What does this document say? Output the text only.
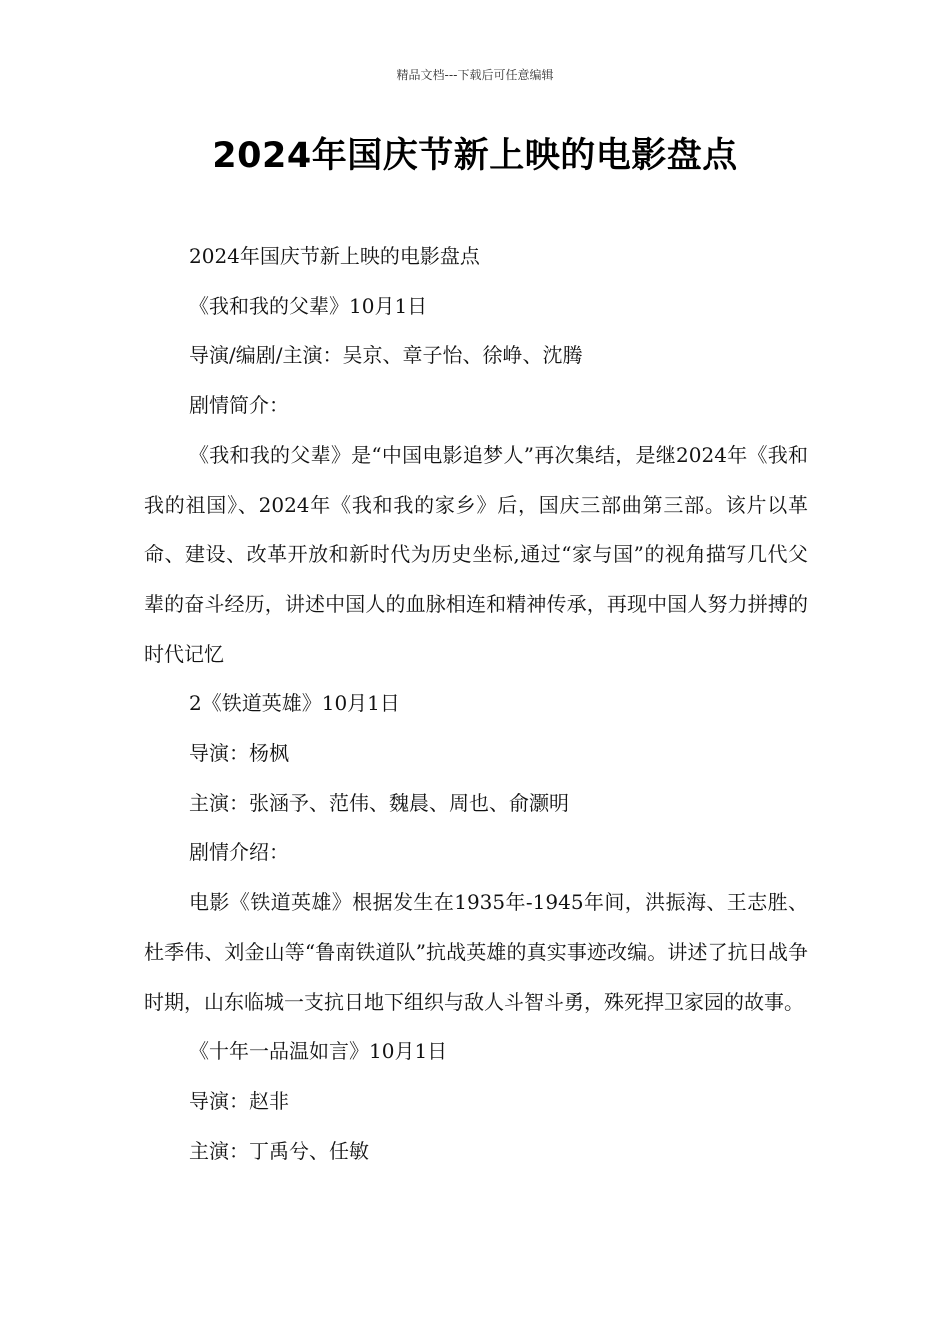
精品文档---下载后可任意编辑
2024年国庆节新上映的电影盘点

2024年国庆节新上映的电影盘点

《我和我的父辈》10月1日

导演/编剧/主演：吴京、章子怡、徐峥、沈腾

剧情简介：

《我和我的父辈》是“中国电影追梦人”再次集结，是继2024年《我和我的祖国》、2024年《我和我的家乡》后，国庆三部曲第三部。该片以革命、建设、改革开放和新时代为历史坐标,通过“家与国”的视角描写几代父辈的奋斗经历，讲述中国人的血脉相连和精神传承，再现中国人努力拼搏的时代记忆

2《铁道英雄》10月1日

导演：杨枫

主演：张涵予、范伟、魏晨、周也、俞灏明

剧情介绍：

电影《铁道英雄》根据发生在1935年-1945年间，洪振海、王志胜、杜季伟、刘金山等“鲁南铁道队”抗战英雄的真实事迹改编。讲述了抗日战争时期，山东临城一支抗日地下组织与敌人斗智斗勇，殊死捍卫家园的故事。

《十年一品温如言》10月1日

导演：赵非

主演：丁禹兮、任敏
